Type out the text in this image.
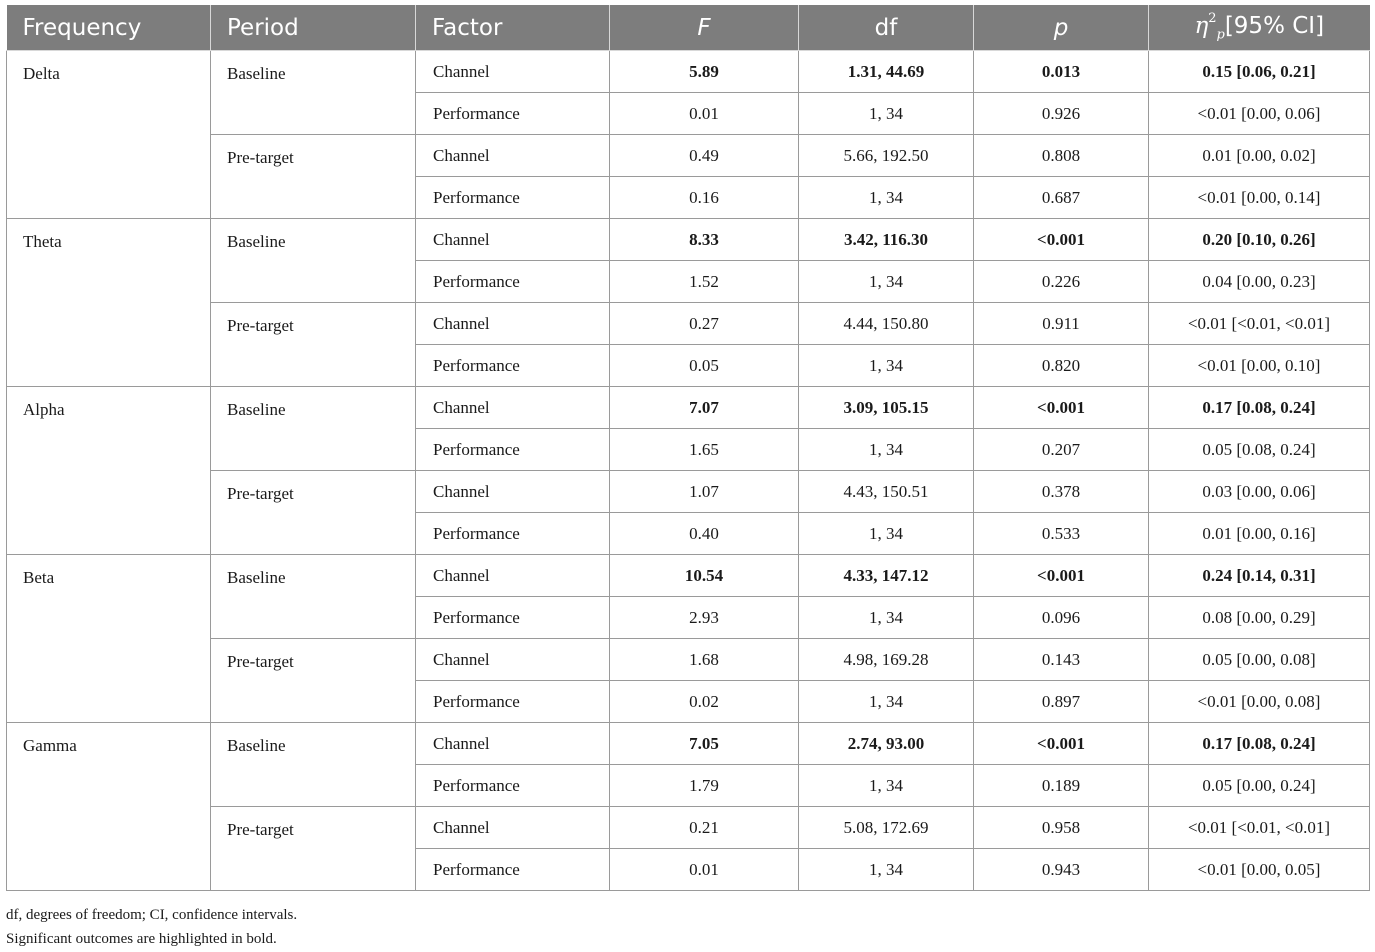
Frequency	Period	Factor	F	df	p	$\eta^2_p[95\%$ CI]
Delta	Baseline	Channel	5.89	1.31, 44.69	0.013	0.15 [0.06, 0.21]
		Performance	0.01	1, 34	0.926	<0.01 [0.00, 0.06]
	Pre-target	Channel	0.49	5.66, 192.50	0.808	0.01 [0.00, 0.02]
		Performance	0.16	1, 34	0.687	<0.01 [0.00, 0.14]
Theta	Baseline	Channel	8.33	3.42, 116.30	<0.001	0.20 [0.10, 0.26]
		Performance	1.52	1, 34	0.226	0.04 [0.00, 0.23]
	Pre-target	Channel	0.27	4.44, 150.80	0.911	<0.01 [<0.01, <0.01]
		Performance	0.05	1, 34	0.820	<0.01 [0.00, 0.10]
Alpha	Baseline	Channel	7.07	3.09, 105.15	<0.001	0.17 [0.08, 0.24]
		Performance	1.65	1, 34	0.207	0.05 [0.08, 0.24]
	Pre-target	Channel	1.07	4.43, 150.51	0.378	0.03 [0.00, 0.06]
		Performance	0.40	1, 34	0.533	0.01 [0.00, 0.16]
Beta	Baseline	Channel	10.54	4.33, 147.12	<0.001	0.24 [0.14, 0.31]
		Performance	2.93	1, 34	0.096	0.08 [0.00, 0.29]
	Pre-target	Channel	1.68	4.98, 169.28	0.143	0.05 [0.00, 0.08]
		Performance	0.02	1, 34	0.897	<0.01 [0.00, 0.08]
Gamma	Baseline	Channel	7.05	2.74, 93.00	<0.001	0.17 [0.08, 0.24]
		Performance	1.79	1, 34	0.189	0.05 [0.00, 0.24]
	Pre-target	Channel	0.21	5.08, 172.69	0.958	<0.01 [<0.01, <0.01]
		Performance	0.01	1, 34	0.943	<0.01 [0.00, 0.05]
df, degrees of freedom; CI, confidence intervals.
Significant outcomes are highlighted in bold.
